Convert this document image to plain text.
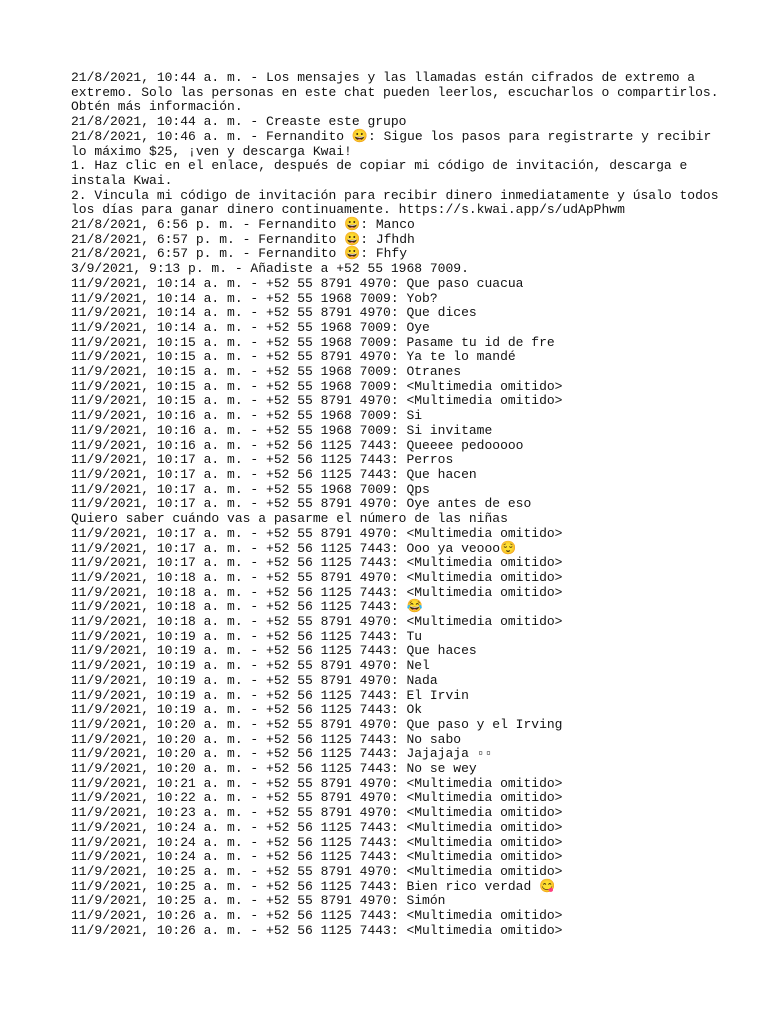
21/8/2021, 10:44 a. m. - Los mensajes y las llamadas están cifrados de extremo a

extremo. Solo las personas en este chat pueden leerlos, escucharlos o compartirlos.

Obtén más información.

21/8/2021, 10:44 a. m. - Creaste este grupo

21/8/2021, 10:46 a. m. - Fernandito 😀: Sigue los pasos para registrarte y recibir

lo máximo $25, ¡ven y descarga Kwai!

1. Haz clic en el enlace, después de copiar mi código de invitación, descarga e

instala Kwai.

2. Vincula mi código de invitación para recibir dinero inmediatamente y úsalo todos

los días para ganar dinero continuamente. https://s.kwai.app/s/udApPhwm

21/8/2021, 6:56 p. m. - Fernandito 😀: Manco

21/8/2021, 6:57 p. m. - Fernandito 😀: Jfhdh

21/8/2021, 6:57 p. m. - Fernandito 😀: Fhfy

3/9/2021, 9:13 p. m. - Añadiste a +52 55 1968 7009.

11/9/2021, 10:14 a. m. - +52 55 8791 4970: Que paso cuacua

11/9/2021, 10:14 a. m. - +52 55 1968 7009: Yob?

11/9/2021, 10:14 a. m. - +52 55 8791 4970: Que dices

11/9/2021, 10:14 a. m. - +52 55 1968 7009: Oye

11/9/2021, 10:15 a. m. - +52 55 1968 7009: Pasame tu id de fre

11/9/2021, 10:15 a. m. - +52 55 8791 4970: Ya te lo mandé

11/9/2021, 10:15 a. m. - +52 55 1968 7009: Otranes

11/9/2021, 10:15 a. m. - +52 55 1968 7009: <Multimedia omitido>

11/9/2021, 10:15 a. m. - +52 55 8791 4970: <Multimedia omitido>

11/9/2021, 10:16 a. m. - +52 55 1968 7009: Si

11/9/2021, 10:16 a. m. - +52 55 1968 7009: Si invitame

11/9/2021, 10:16 a. m. - +52 56 1125 7443: Queeee pedooooo

11/9/2021, 10:17 a. m. - +52 56 1125 7443: Perros

11/9/2021, 10:17 a. m. - +52 56 1125 7443: Que hacen

11/9/2021, 10:17 a. m. - +52 55 1968 7009: Qps

11/9/2021, 10:17 a. m. - +52 55 8791 4970: Oye antes de eso

Quiero saber cuándo vas a pasarme el número de las niñas

11/9/2021, 10:17 a. m. - +52 55 8791 4970: <Multimedia omitido>

11/9/2021, 10:17 a. m. - +52 56 1125 7443: Ooo ya veooo😌

11/9/2021, 10:17 a. m. - +52 56 1125 7443: <Multimedia omitido>

11/9/2021, 10:18 a. m. - +52 55 8791 4970: <Multimedia omitido>

11/9/2021, 10:18 a. m. - +52 56 1125 7443: <Multimedia omitido>

11/9/2021, 10:18 a. m. - +52 56 1125 7443: 😂

11/9/2021, 10:18 a. m. - +52 55 8791 4970: <Multimedia omitido>

11/9/2021, 10:19 a. m. - +52 56 1125 7443: Tu

11/9/2021, 10:19 a. m. - +52 56 1125 7443: Que haces

11/9/2021, 10:19 a. m. - +52 55 8791 4970: Nel

11/9/2021, 10:19 a. m. - +52 55 8791 4970: Nada

11/9/2021, 10:19 a. m. - +52 56 1125 7443: El Irvin

11/9/2021, 10:19 a. m. - +52 56 1125 7443: Ok

11/9/2021, 10:20 a. m. - +52 55 8791 4970: Que paso y el Irving

11/9/2021, 10:20 a. m. - +52 56 1125 7443: No sabo

11/9/2021, 10:20 a. m. - +52 56 1125 7443: Jajajaja ▫▫

11/9/2021, 10:20 a. m. - +52 56 1125 7443: No se wey

11/9/2021, 10:21 a. m. - +52 55 8791 4970: <Multimedia omitido>

11/9/2021, 10:22 a. m. - +52 55 8791 4970: <Multimedia omitido>

11/9/2021, 10:23 a. m. - +52 55 8791 4970: <Multimedia omitido>

11/9/2021, 10:24 a. m. - +52 56 1125 7443: <Multimedia omitido>

11/9/2021, 10:24 a. m. - +52 56 1125 7443: <Multimedia omitido>

11/9/2021, 10:24 a. m. - +52 56 1125 7443: <Multimedia omitido>

11/9/2021, 10:25 a. m. - +52 55 8791 4970: <Multimedia omitido>

11/9/2021, 10:25 a. m. - +52 56 1125 7443: Bien rico verdad 😋

11/9/2021, 10:25 a. m. - +52 55 8791 4970: Simón

11/9/2021, 10:26 a. m. - +52 56 1125 7443: <Multimedia omitido>

11/9/2021, 10:26 a. m. - +52 56 1125 7443: <Multimedia omitido>
